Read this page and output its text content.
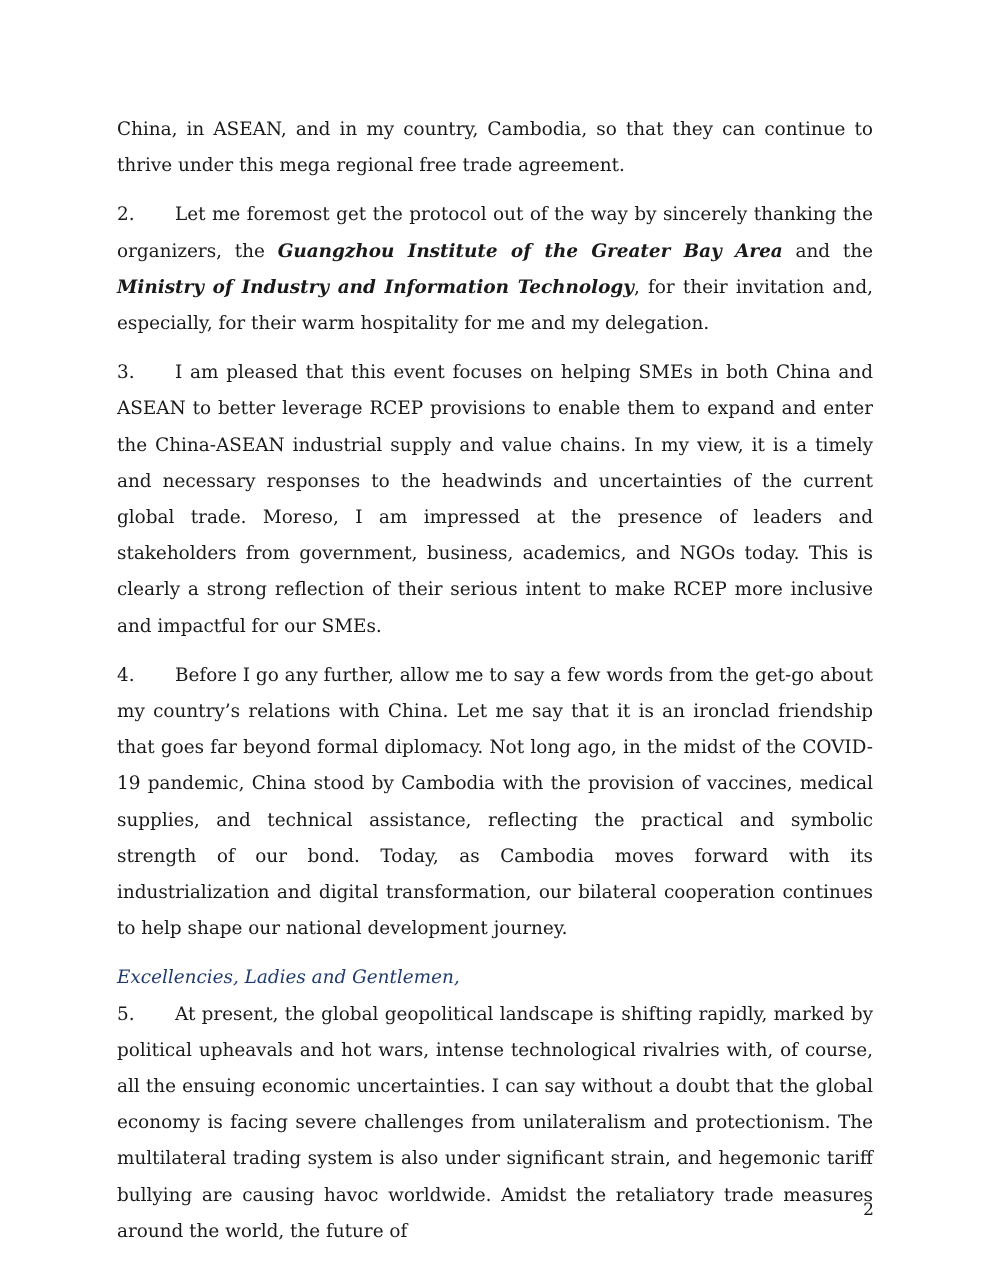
China, in ASEAN, and in my country, Cambodia, so that they can continue to thrive under this mega regional free trade agreement.

2. Let me foremost get the protocol out of the way by sincerely thanking the organizers, the Guangzhou Institute of the Greater Bay Area and the Ministry of Industry and Information Technology, for their invitation and, especially, for their warm hospitality for me and my delegation.

3. I am pleased that this event focuses on helping SMEs in both China and ASEAN to better leverage RCEP provisions to enable them to expand and enter the China-ASEAN industrial supply and value chains. In my view, it is a timely and necessary responses to the headwinds and uncertainties of the current global trade. Moreso, I am impressed at the presence of leaders and stakeholders from government, business, academics, and NGOs today. This is clearly a strong reflection of their serious intent to make RCEP more inclusive and impactful for our SMEs.

4. Before I go any further, allow me to say a few words from the get-go about my country’s relations with China. Let me say that it is an ironclad friendship that goes far beyond formal diplomacy. Not long ago, in the midst of the COVID-19 pandemic, China stood by Cambodia with the provision of vaccines, medical supplies, and technical assistance, reflecting the practical and symbolic strength of our bond. Today, as Cambodia moves forward with its industrialization and digital transformation, our bilateral cooperation continues to help shape our national development journey.

Excellencies, Ladies and Gentlemen,

5. At present, the global geopolitical landscape is shifting rapidly, marked by political upheavals and hot wars, intense technological rivalries with, of course, all the ensuing economic uncertainties. I can say without a doubt that the global economy is facing severe challenges from unilateralism and protectionism. The multilateral trading system is also under significant strain, and hegemonic tariff bullying are causing havoc worldwide. Amidst the retaliatory trade measures around the world, the future of

2
